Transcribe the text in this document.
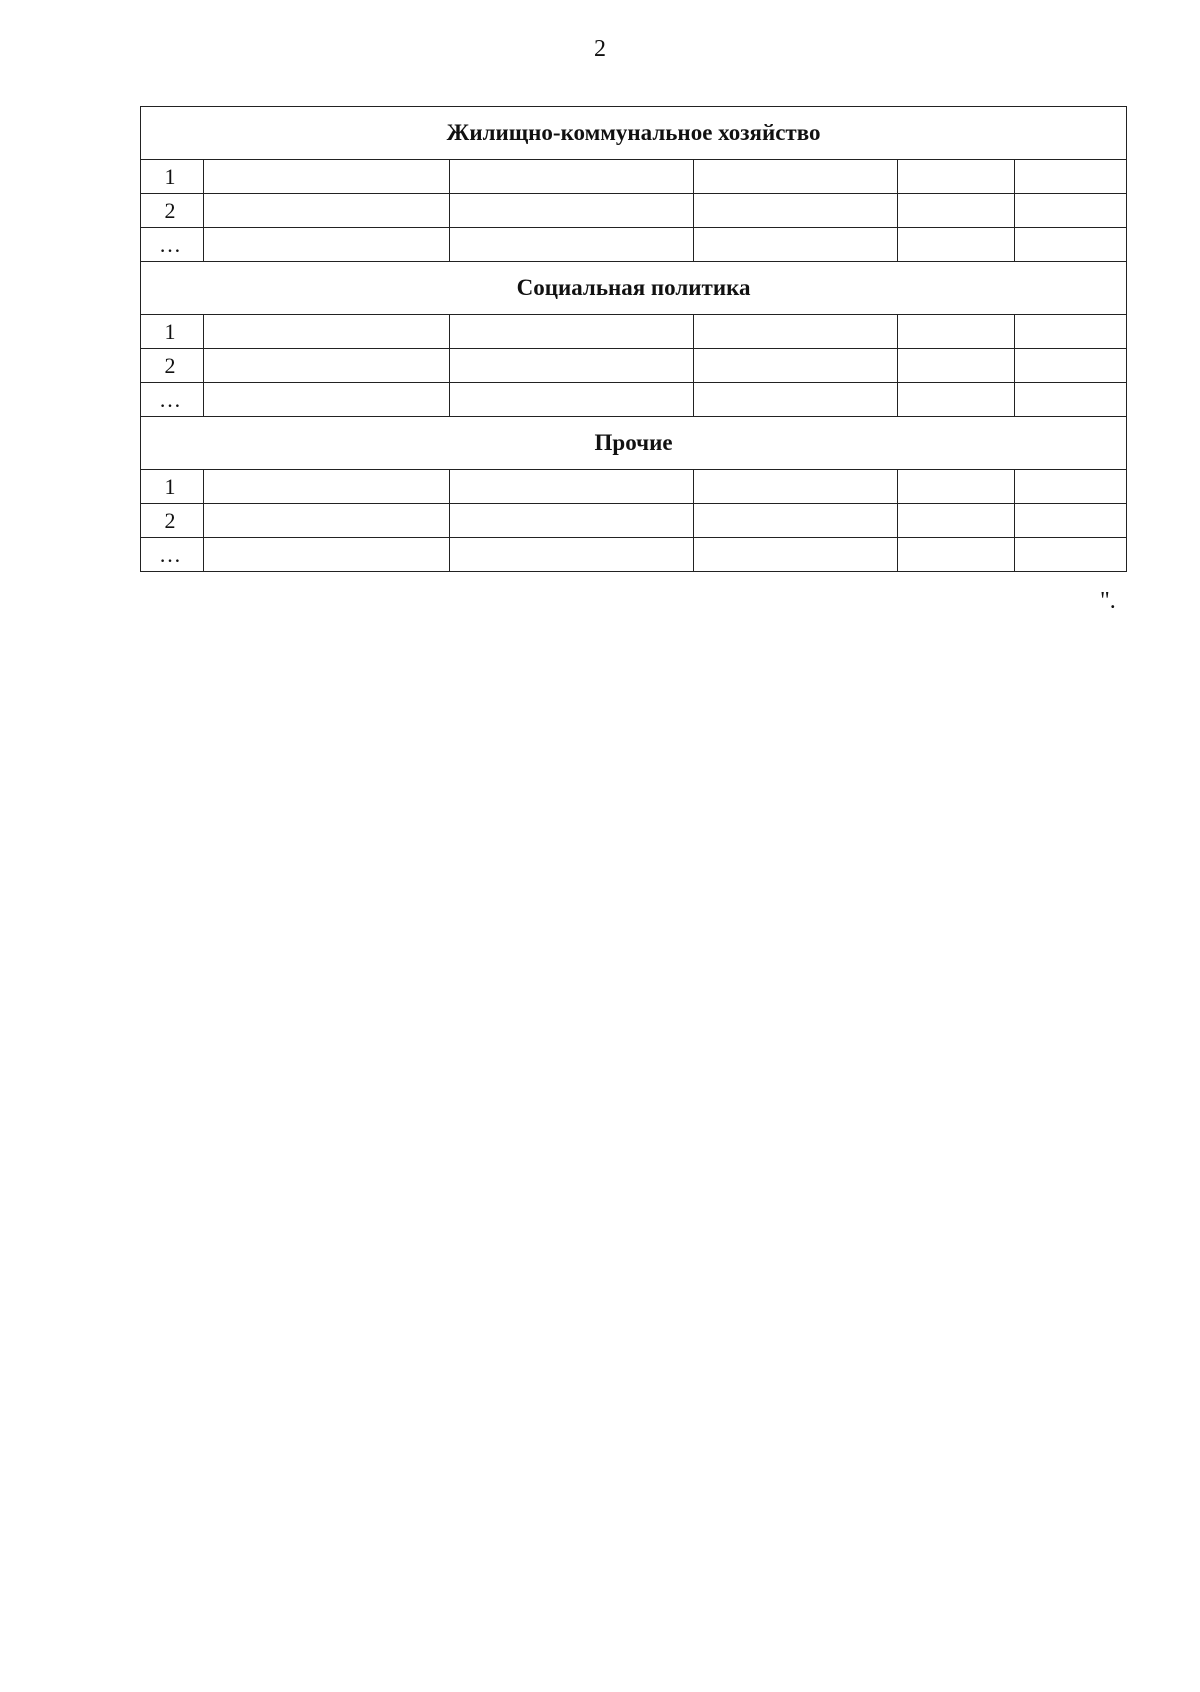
2
Жилищно-коммунальное хозяйство					
1					
2					
…					
Социальная политика					
1					
2					
…					
Прочие					
1					
2					
…					
".
